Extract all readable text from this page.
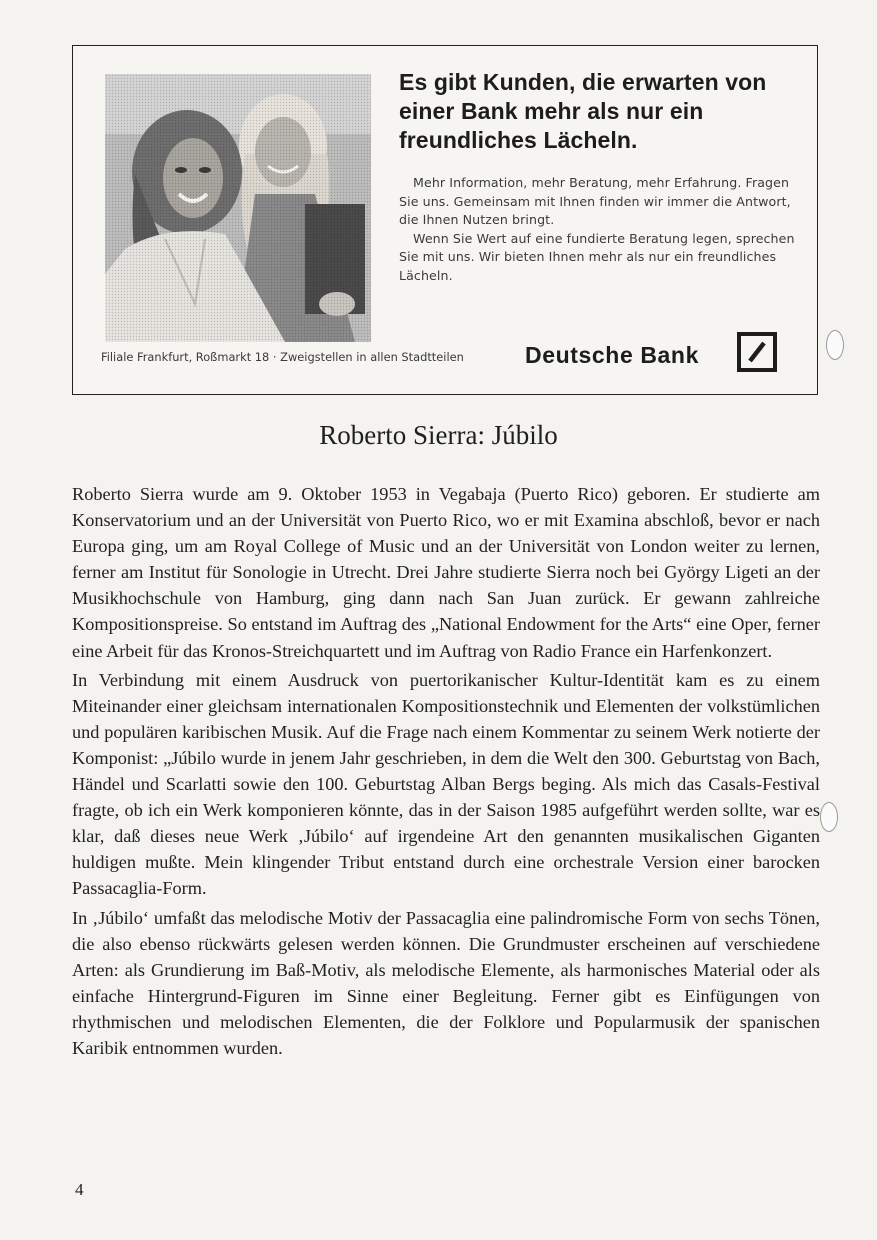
Es gibt Kunden, die erwarten von einer Bank mehr als nur ein freundliches Lächeln.

Mehr Information, mehr Beratung, mehr Erfahrung. Fragen Sie uns. Gemeinsam mit Ihnen finden wir immer die Antwort, die Ihnen Nutzen bringt.

Wenn Sie Wert auf eine fundierte Beratung legen, sprechen Sie mit uns. Wir bieten Ihnen mehr als nur ein freundliches Lächeln.

Filiale Frankfurt, Roßmarkt 18 · Zweigstellen in allen Stadtteilen	Deutsche Bank
Roberto Sierra: Júbilo

Roberto Sierra wurde am 9. Oktober 1953 in Vegabaja (Puerto Rico) geboren. Er studierte am Konservatorium und an der Universität von Puerto Rico, wo er mit Examina abschloß, bevor er nach Europa ging, um am Royal College of Music und an der Universität von London weiter zu lernen, ferner am Institut für Sonologie in Utrecht. Drei Jahre studierte Sierra noch bei György Ligeti an der Musikhochschule von Hamburg, ging dann nach San Juan zurück. Er gewann zahlreiche Kompositionspreise. So entstand im Auftrag des „National Endowment for the Arts“ eine Oper, ferner eine Arbeit für das Kronos-Streichquartett und im Auftrag von Radio France ein Harfenkonzert.

In Verbindung mit einem Ausdruck von puertorikanischer Kultur-Identität kam es zu einem Miteinander einer gleichsam internationalen Kompositionstechnik und Elementen der volkstümlichen und populären karibischen Musik. Auf die Frage nach einem Kommentar zu seinem Werk notierte der Komponist: „Júbilo wurde in jenem Jahr geschrieben, in dem die Welt den 300. Geburtstag von Bach, Händel und Scarlatti sowie den 100. Geburtstag Alban Bergs beging. Als mich das Casals-Festival fragte, ob ich ein Werk komponieren könnte, das in der Saison 1985 aufgeführt werden sollte, war es klar, daß dieses neue Werk ‚Júbilo‘ auf irgendeine Art den genannten musikalischen Giganten huldigen mußte. Mein klingender Tribut entstand durch eine orchestrale Version einer barocken Passacaglia-Form.

In ‚Júbilo‘ umfaßt das melodische Motiv der Passacaglia eine palindromische Form von sechs Tönen, die also ebenso rückwärts gelesen werden können. Die Grundmuster erscheinen auf verschiedene Arten: als Grundierung im Baß-Motiv, als melodische Elemente, als harmonisches Material oder als einfache Hintergrund-Figuren im Sinne einer Begleitung. Ferner gibt es Einfügungen von rhythmischen und melodischen Elementen, die der Folklore und Popularmusik der spanischen Karibik entnommen wurden.

4
